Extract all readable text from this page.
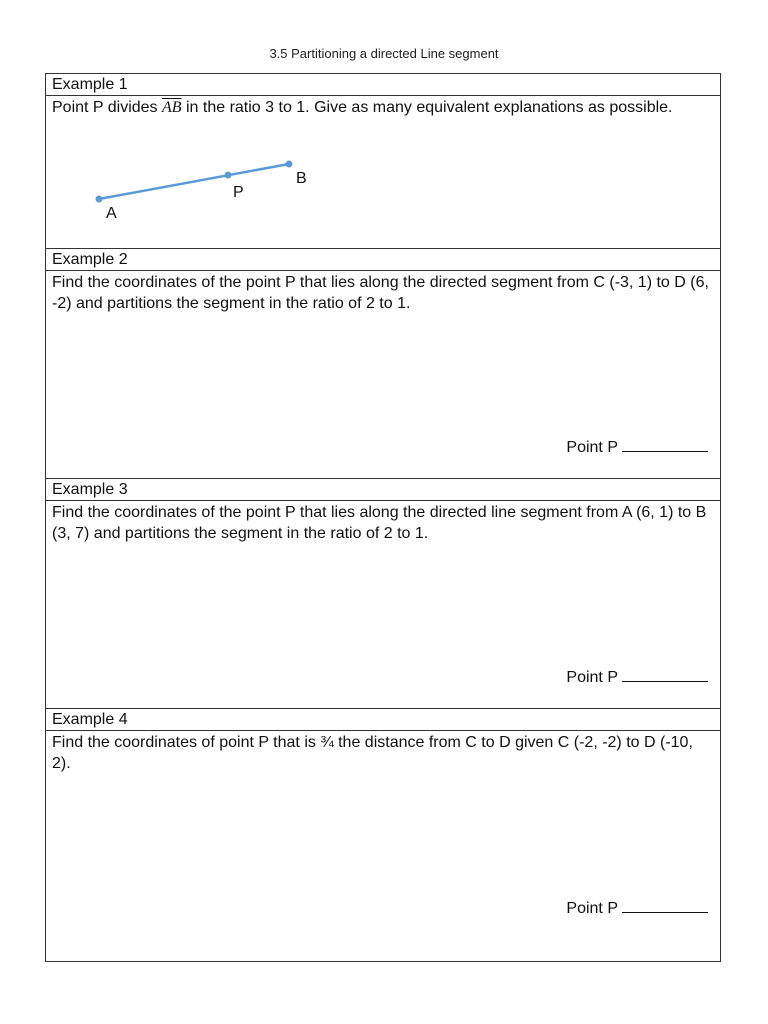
3.5 Partitioning a directed Line segment
Example 1

Point P divides $\overline{AB}$ in the ratio 3 to 1. Give as many equivalent explanations as possible.

A
P
B
Example 2

Find the coordinates of the point P that lies along the directed segment from C (-3, 1) to D (6, -2) and partitions the segment in the ratio of 2 to 1.

Point P
Example 3

Find the coordinates of the point P that lies along the directed line segment from A (6, 1) to B (3, 7) and partitions the segment in the ratio of 2 to 1.

Point P
Example 4

Find the coordinates of point P that is ¾ the distance from C to D given C (-2, -2) to D (-10, 2).

Point P
